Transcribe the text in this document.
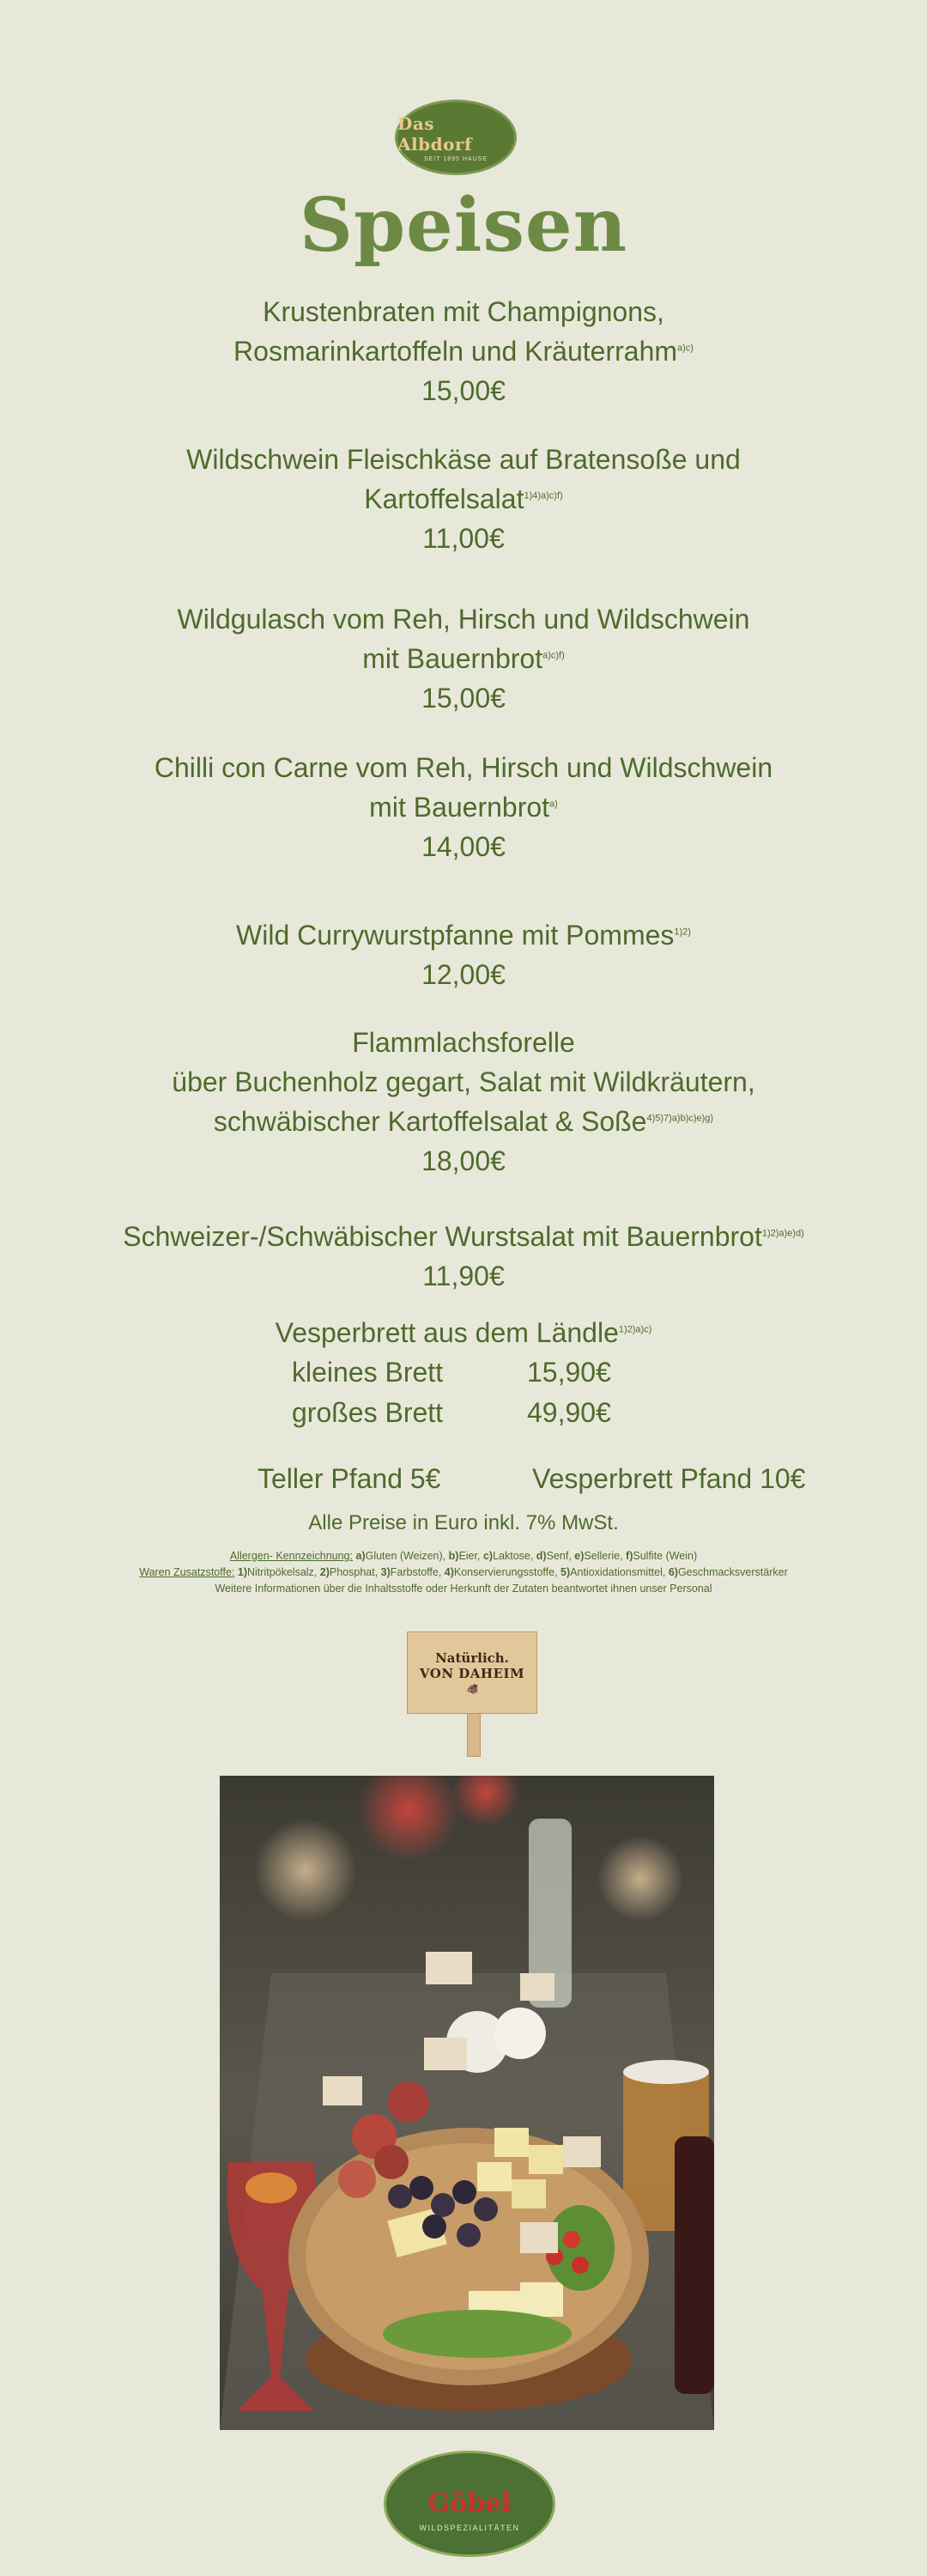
Das Albdorf
SEIT 1895 HAUSE
Speisen
Krustenbraten mit Champignons,
Rosmarinkartoffeln und Kräuterrahm$^{a)c)}$
15,00€
Wildschwein Fleischkäse auf Bratensoße und
Kartoffelsalat$^{1)4)a)c)f)}$
11,00€
Wildgulasch vom Reh, Hirsch und Wildschwein
mit Bauernbrot$^{a)c)f)}$
15,00€
Chilli con Carne vom Reh, Hirsch und Wildschwein
mit Bauernbrot$^{a)}$
14,00€
Wild Currywurstpfanne mit Pommes$^{1)2)}$
12,00€
Flammlachsforelle
über Buchenholz gegart, Salat mit Wildkräutern,
schwäbischer Kartoffelsalat & Soße$^{4)5)7)a)b)c)e)g)}$
18,00€
Schweizer-/Schwäbischer Wurstsalat mit Bauernbrot$^{1)2)a)e)d)}$
11,90€
Vesperbrett aus dem Ländle$^{1)2)a)c)}$
kleines Brett	15,90€
großes Brett	49,90€
Teller Pfand 5€	Vesperbrett Pfand 10€
Alle Preise in Euro inkl. 7% MwSt.
Allergen- Kennzeichnung: a)Gluten (Weizen), b)Eier, c)Laktose, d)Senf, e)Sellerie, f)Sulfite (Wein)
Waren Zusatzstoffe: 1)Nitritpökelsalz, 2)Phosphat, 3)Farbstoffe, 4)Konservierungsstoffe, 5)Antioxidationsmittel, 6)Geschmacksverstärker
Weitere Informationen über die Inhaltsstoffe oder Herkunft der Zutaten beantwortet ihnen unser Personal
Natürlich.
VON DAHEIM
🐗
Göbel
WILDSPEZIALITÄTEN
